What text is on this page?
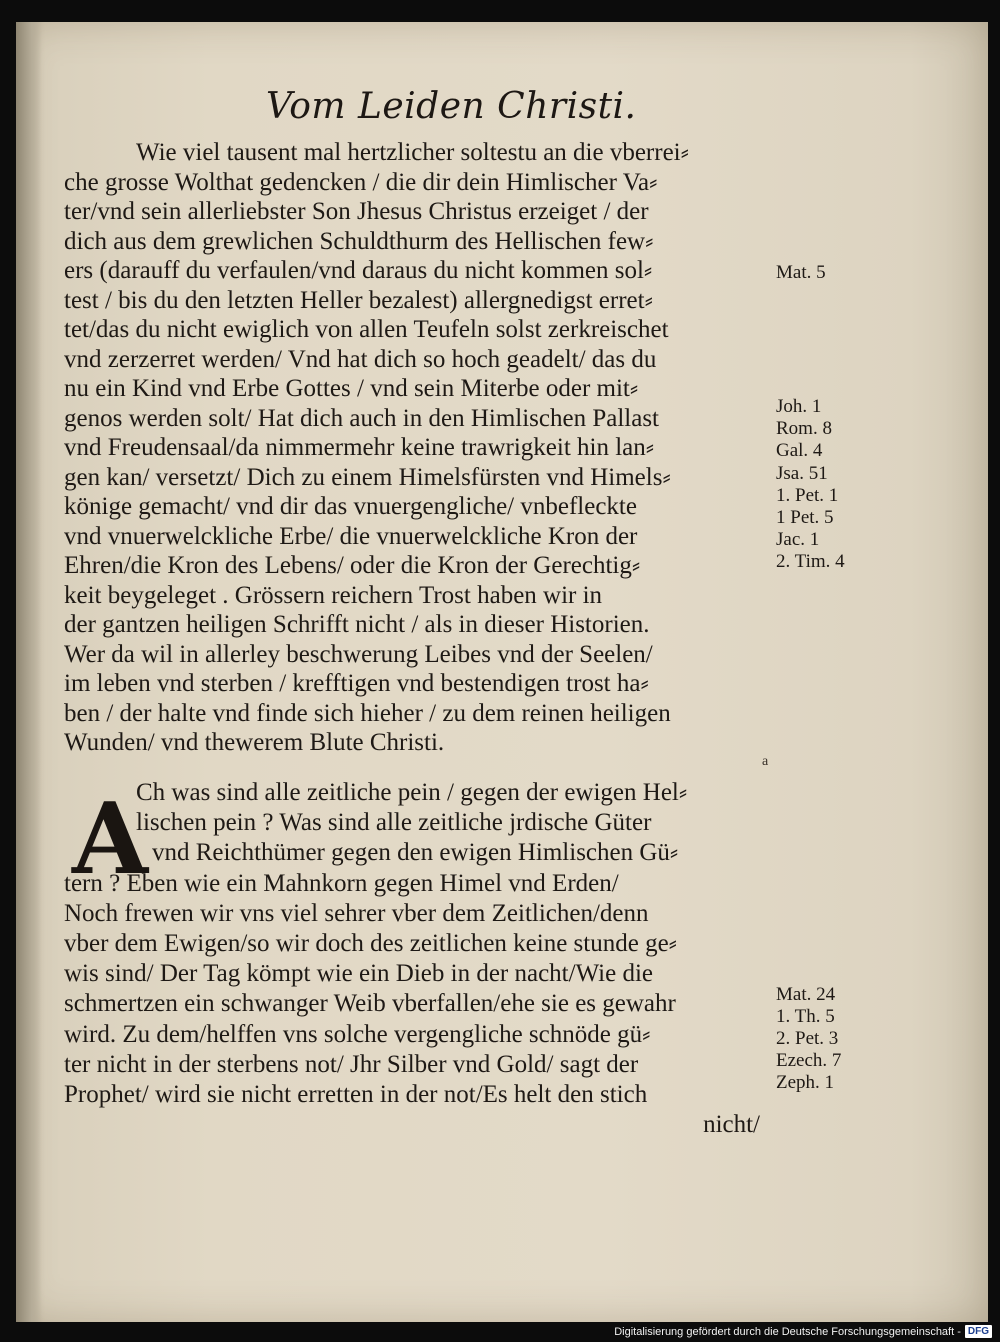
Vom Leiden Christi.
Wie viel tausent mal hertzlicher soltestu an die vberrei⸗
che grosse Wolthat gedencken / die dir dein Himlischer Va⸗
ter/vnd sein allerliebster Son Jhesus Christus erzeiget / der
dich aus dem grewlichen Schuldthurm des Hellischen few⸗
ers (darauff du verfaulen/vnd daraus du nicht kommen sol⸗
test / bis du den letzten Heller bezalest) allergnedigst erret⸗
tet/das du nicht ewiglich von allen Teufeln solst zerkreischet
vnd zerzerret werden/ Vnd hat dich so hoch geadelt/ das du
nu ein Kind vnd Erbe Gottes / vnd sein Miterbe oder mit⸗
genos werden solt/ Hat dich auch in den Himlischen Pallast
vnd Freudensaal/da nimmermehr keine trawrigkeit hin lan⸗
gen kan/ versetzt/ Dich zu einem Himelsfürsten vnd Himels⸗
könige gemacht/ vnd dir das vnuergengliche/ vnbefleckte
vnd vnuerwelckliche Erbe/ die vnuerwelckliche Kron der
Ehren/die Kron des Lebens/ oder die Kron der Gerechtig⸗
keit beygeleget . Grössern reichern Trost haben wir in
der gantzen heiligen Schrifft nicht / als in dieser Historien.
Wer da wil in allerley beschwerung Leibes vnd der Seelen/
im leben vnd sterben / krefftigen vnd bestendigen trost ha⸗
ben / der halte vnd finde sich hieher / zu dem reinen heiligen
Wunden/ vnd thewerem Blute Christi.
a
A
Ch was sind alle zeitliche pein / gegen der ewigen Hel⸗
lischen pein ? Was sind alle zeitliche jrdische Güter
vnd Reichthümer gegen den ewigen Himlischen Gü⸗
tern ? Eben wie ein Mahnkorn gegen Himel vnd Erden/
Noch frewen wir vns viel sehrer vber dem Zeitlichen/denn
vber dem Ewigen/so wir doch des zeitlichen keine stunde ge⸗
wis sind/ Der Tag kömpt wie ein Dieb in der nacht/Wie die
schmertzen ein schwanger Weib vberfallen/ehe sie es gewahr
wird. Zu dem/helffen vns solche vergengliche schnöde gü⸗
ter nicht in der sterbens not/ Jhr Silber vnd Gold/ sagt der
Prophet/ wird sie nicht erretten in der not/Es helt den stich
nicht/
Mat. 5
Joh. 1
Rom. 8
Gal. 4
Jsa. 51
1. Pet. 1
1 Pet. 5
Jac. 1
2. Tim. 4
Mat. 24
1. Th. 5
2. Pet. 3
Ezech. 7
Zeph. 1
Digitalisierung gefördert durch die Deutsche Forschungsgemeinschaft - DFG
